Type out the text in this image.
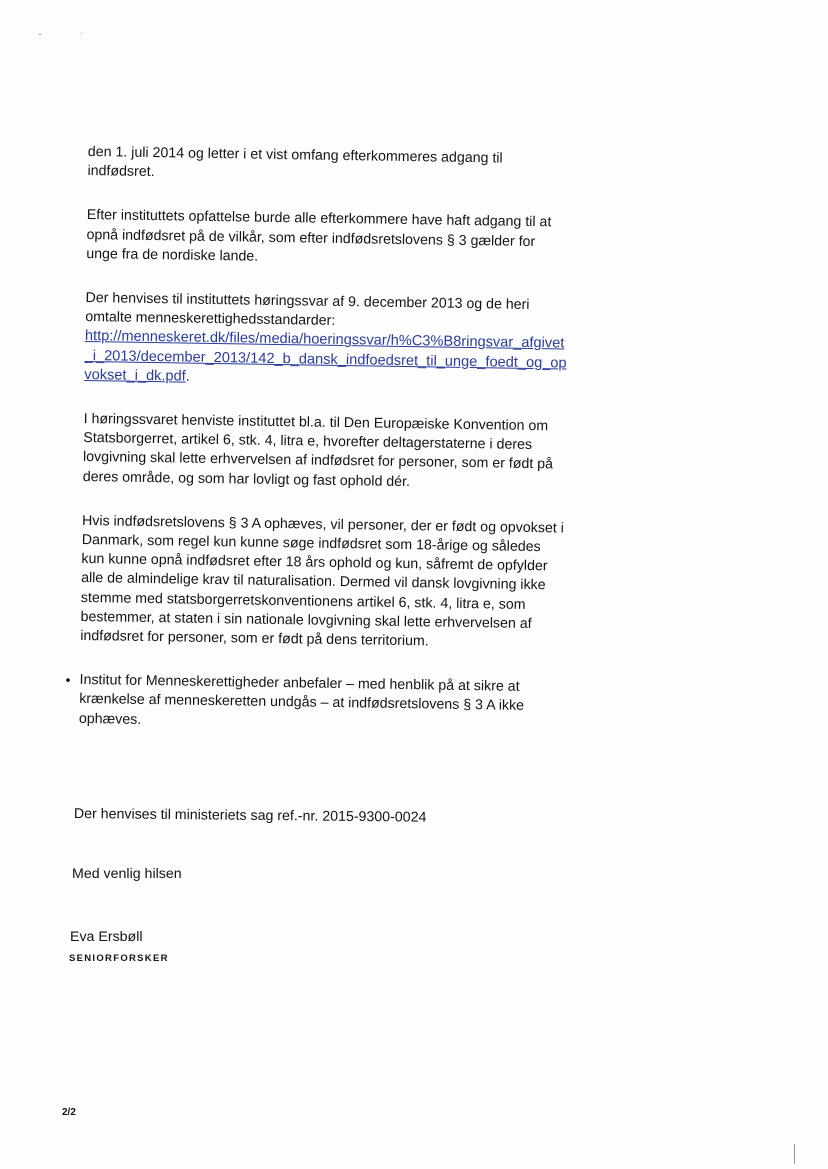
den 1. juli 2014 og letter i et vist omfang efterkommeres adgang til indfødsret.

Efter instituttets opfattelse burde alle efterkommere have haft adgang til at opnå indfødsret på de vilkår, som efter indfødsretslovens § 3 gælder for unge fra de nordiske lande.

Der henvises til instituttets høringssvar af 9. december 2013 og de heri omtalte menneskerettighedsstandarder:
http://menneskeret.dk/files/media/hoeringssvar/h%C3%B8ringsvar_afgivet_i_2013/december_2013/142_b_dansk_indfoedsret_til_unge_foedt_og_opvokset_i_dk.pdf.

I høringssvaret henviste instituttet bl.a. til Den Europæiske Konvention om Statsborgerret, artikel 6, stk. 4, litra e, hvorefter deltagerstaterne i deres lovgivning skal lette erhvervelsen af indfødsret for personer, som er født på deres område, og som har lovligt og fast ophold dér.

Hvis indfødsretslovens § 3 A ophæves, vil personer, der er født og opvokset i Danmark, som regel kun kunne søge indfødsret som 18-årige og således kun kunne opnå indfødsret efter 18 års ophold og kun, såfremt de opfylder alle de almindelige krav til naturalisation. Dermed vil dansk lovgivning ikke stemme med statsborgerretskonventionens artikel 6, stk. 4, litra e, som bestemmer, at staten i sin nationale lovgivning skal lette erhvervelsen af indfødsret for personer, som er født på dens territorium.

• Institut for Menneskerettigheder anbefaler – med henblik på at sikre at krænkelse af menneskeretten undgås – at indfødsretslovens § 3 A ikke ophæves.
Der henvises til ministeriets sag ref.-nr. 2015-9300-0024
Med venlig hilsen
Eva Ersbøll
SENIORFORSKER
2/2
